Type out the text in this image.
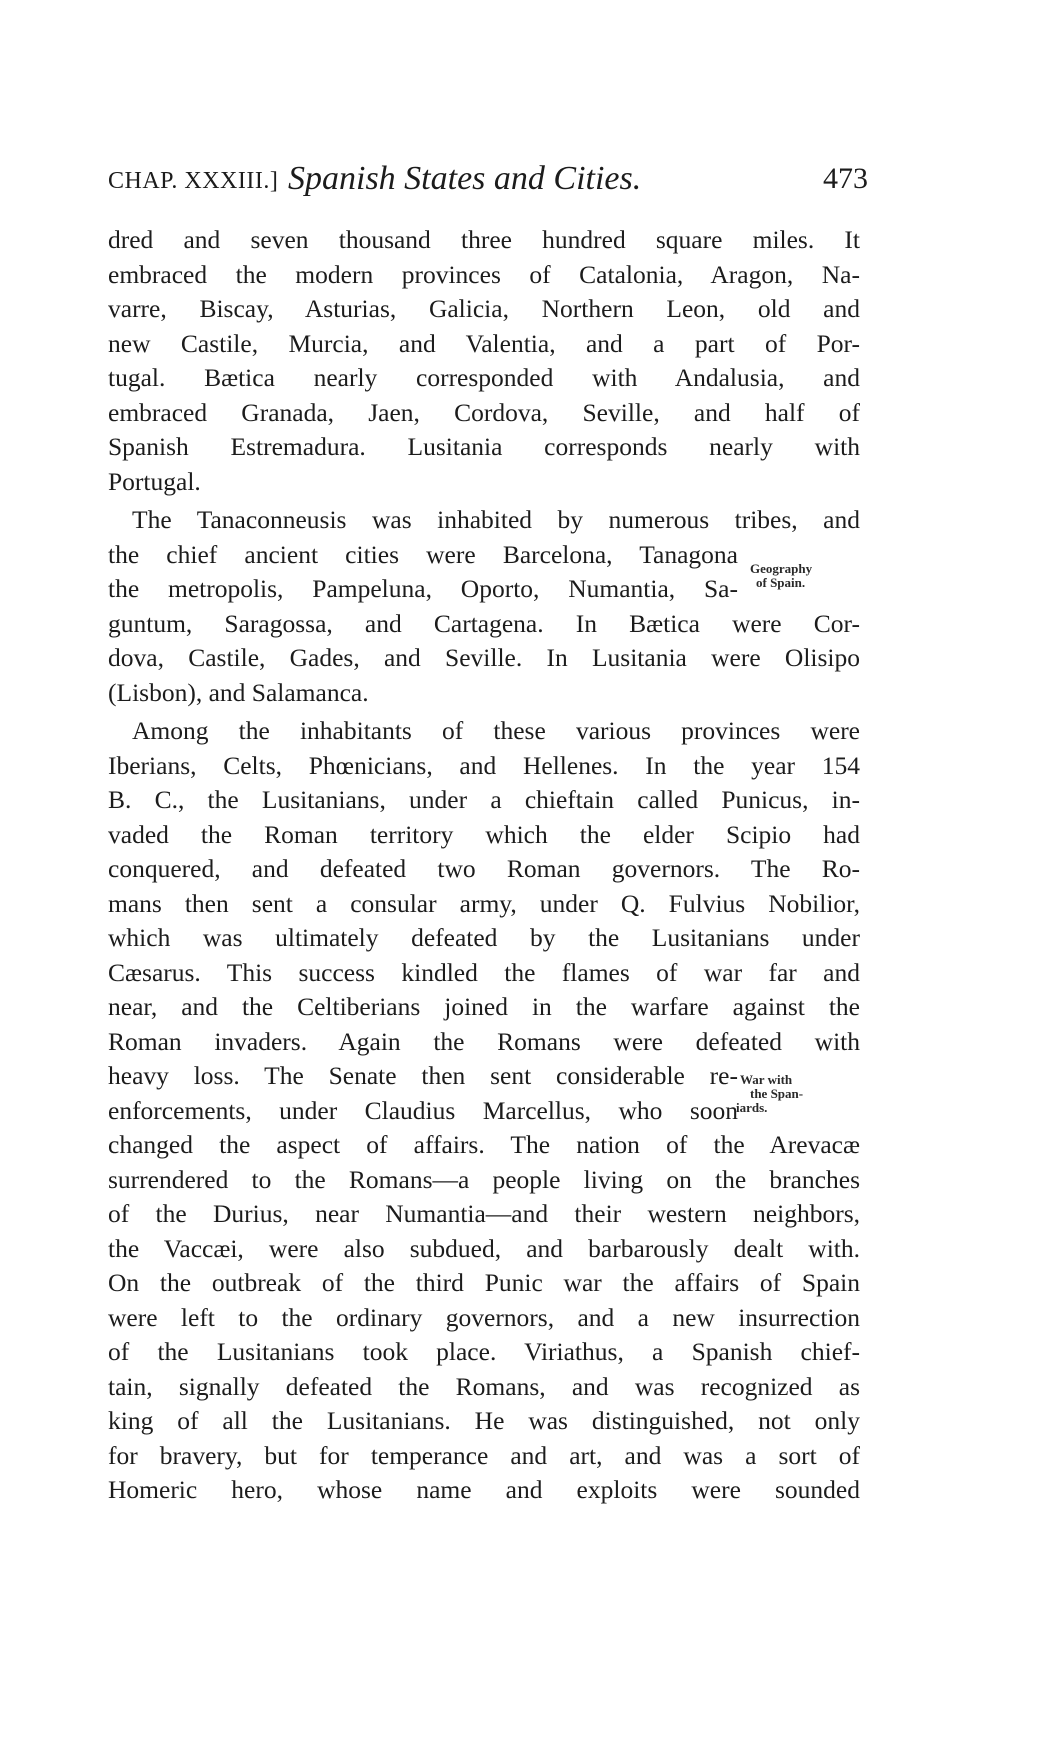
CHAP. XXXIII.] Spanish States and Cities.	473
dred and seven thousand three hundred square miles. It
embraced the modern provinces of Catalonia, Aragon, Na-
varre, Biscay, Asturias, Galicia, Northern Leon, old and
new Castile, Murcia, and Valentia, and a part of Por-
tugal. Bætica nearly corresponded with Andalusia, and
embraced Granada, Jaen, Cordova, Seville, and half of
Spanish Estremadura. Lusitania corresponds nearly with
Portugal.
The Tanaconneusis was inhabited by numerous tribes, and
the chief ancient cities were Barcelona, Tanagona
the metropolis, Pampeluna, Oporto, Numantia, Sa-
guntum, Saragossa, and Cartagena. In Bætica were Cor-
dova, Castile, Gades, and Seville. In Lusitania were Olisipo
(Lisbon), and Salamanca.
Among the inhabitants of these various provinces were
Iberians, Celts, Phœnicians, and Hellenes. In the year 154
B. C., the Lusitanians, under a chieftain called Punicus, in-
vaded the Roman territory which the elder Scipio had
conquered, and defeated two Roman governors. The Ro-
mans then sent a consular army, under Q. Fulvius Nobilior,
which was ultimately defeated by the Lusitanians under
Cæsarus. This success kindled the flames of war far and
near, and the Celtiberians joined in the warfare against the
Roman invaders. Again the Romans were defeated with
heavy loss. The Senate then sent considerable re-
enforcements, under Claudius Marcellus, who soon
changed the aspect of affairs. The nation of the Arevacæ
surrendered to the Romans—a people living on the branches
of the Durius, near Numantia—and their western neighbors,
the Vaccæi, were also subdued, and barbarously dealt with.
On the outbreak of the third Punic war the affairs of Spain
were left to the ordinary governors, and a new insurrection
of the Lusitanians took place. Viriathus, a Spanish chief-
tain, signally defeated the Romans, and was recognized as
king of all the Lusitanians. He was distinguished, not only
for bravery, but for temperance and art, and was a sort of
Homeric hero, whose name and exploits were sounded
Geography
of Spain.
War with
the Span-
iards.
